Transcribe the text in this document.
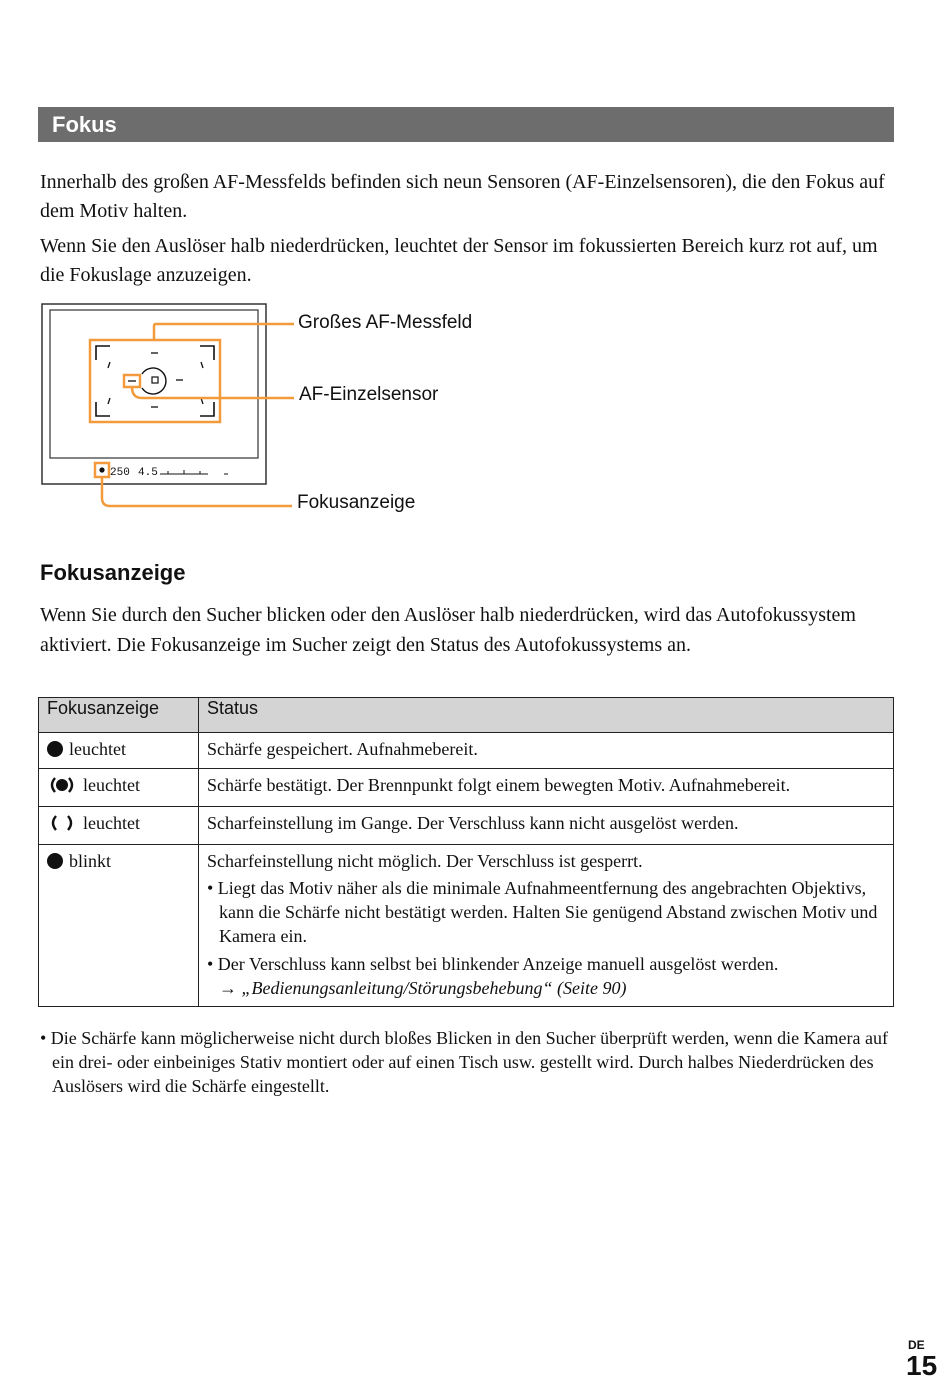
Fokus

Innerhalb des großen AF-Messfelds befinden sich neun Sensoren (AF-Einzelsensoren), die den Fokus auf dem Motiv halten.

Wenn Sie den Auslöser halb niederdrücken, leuchtet der Sensor im fokussierten Bereich kurz rot auf, um die Fokuslage anzuzeigen.

250 4.5
Großes AF-Messfeld
AF-Einzelsensor
Fokusanzeige
Fokusanzeige

Wenn Sie durch den Sucher blicken oder den Auslöser halb niederdrücken, wird das Autofokussystem aktiviert. Die Fokusanzeige im Sucher zeigt den Status des Autofokussystems an.

Fokusanzeige	Status

leuchtet	Schärfe gespeichert. Aufnahmebereit.

leuchtet	Schärfe bestätigt. Der Brennpunkt folgt einem bewegten Motiv. Aufnahmebereit.

leuchtet	Scharfeinstellung im Gange. Der Verschluss kann nicht ausgelöst werden.

blinkt	Scharfeinstellung nicht möglich. Der Verschluss ist gesperrt.
• Liegt das Motiv näher als die minimale Aufnahmeentfernung des angebrachten Objektivs, kann die Schärfe nicht bestätigt werden. Halten Sie genügend Abstand zwischen Motiv und Kamera ein.
• Der Verschluss kann selbst bei blinkender Anzeige manuell ausgelöst werden.
→ „Bedienungsanleitung/Störungsbehebung“ (Seite 90)

• Die Schärfe kann möglicherweise nicht durch bloßes Blicken in den Sucher überprüft werden, wenn die Kamera auf ein drei- oder einbeiniges Stativ montiert oder auf einen Tisch usw. gestellt wird. Durch halbes Niederdrücken des Auslösers wird die Schärfe eingestellt.

DE
15
